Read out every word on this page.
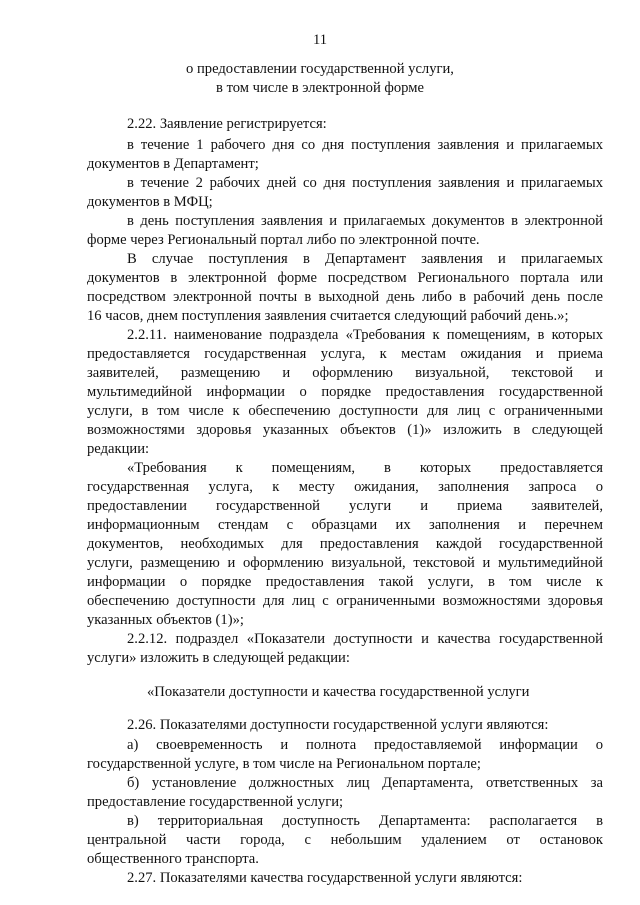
11
о предоставлении государственной услуги,
в том числе в электронной форме
2.22. Заявление регистрируется:
в течение 1 рабочего дня со дня поступления заявления и прилагаемых
документов в Департамент;
в течение 2 рабочих дней со дня поступления заявления и прилагаемых
документов в МФЦ;
в день поступления заявления и прилагаемых документов в электронной
форме через Региональный портал либо по электронной почте.
В случае поступления в Департамент заявления и прилагаемых
документов в электронной форме посредством Регионального портала или
посредством электронной почты в выходной день либо в рабочий день после
16 часов, днем поступления заявления считается следующий рабочий день.»;
2.2.11. наименование подраздела «Требования к помещениям, в которых
предоставляется государственная услуга, к местам ожидания и приема
заявителей, размещению и оформлению визуальной, текстовой и
мультимедийной информации о порядке предоставления государственной
услуги, в том числе к обеспечению доступности для лиц с ограниченными
возможностями здоровья указанных объектов (1)» изложить в следующей
редакции:
«Требования к помещениям, в которых предоставляется
государственная услуга, к месту ожидания, заполнения запроса о
предоставлении государственной услуги и приема заявителей,
информационным стендам с образцами их заполнения и перечнем
документов, необходимых для предоставления каждой государственной
услуги, размещению и оформлению визуальной, текстовой и мультимедийной
информации о порядке предоставления такой услуги, в том числе к
обеспечению доступности для лиц с ограниченными возможностями здоровья
указанных объектов (1)»;
2.2.12. подраздел «Показатели доступности и качества государственной
услуги» изложить в следующей редакции:
«Показатели доступности и качества государственной услуги
2.26. Показателями доступности государственной услуги являются:
а) своевременность и полнота предоставляемой информации о
государственной услуге, в том числе на Региональном портале;
б) установление должностных лиц Департамента, ответственных за
предоставление государственной услуги;
в) территориальная доступность Департамента: располагается в
центральной части города, с небольшим удалением от остановок
общественного транспорта.
2.27. Показателями качества государственной услуги являются:
